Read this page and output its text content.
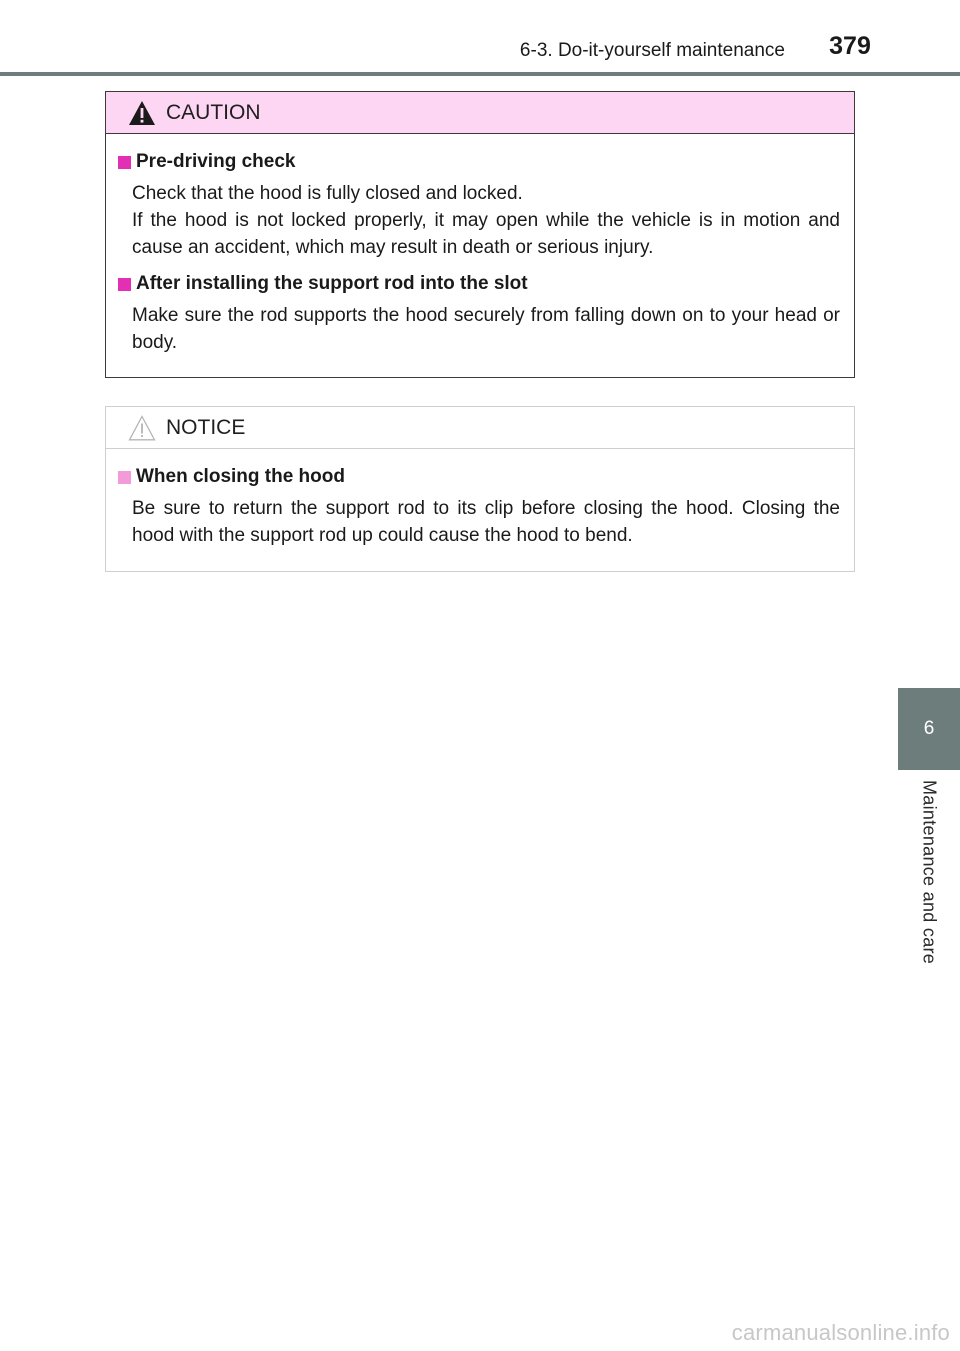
6-3. Do-it-yourself maintenance	379
6
Maintenance and care
CAUTION
Pre-driving check

Check that the hood is fully closed and locked.

If the hood is not locked properly, it may open while the vehicle is in motion and cause an accident, which may result in death or serious injury.

After installing the support rod into the slot

Make sure the rod supports the hood securely from falling down on to your head or body.

NOTICE
When closing the hood

Be sure to return the support rod to its clip before closing the hood. Closing the hood with the support rod up could cause the hood to bend.

carmanualsonline.info
